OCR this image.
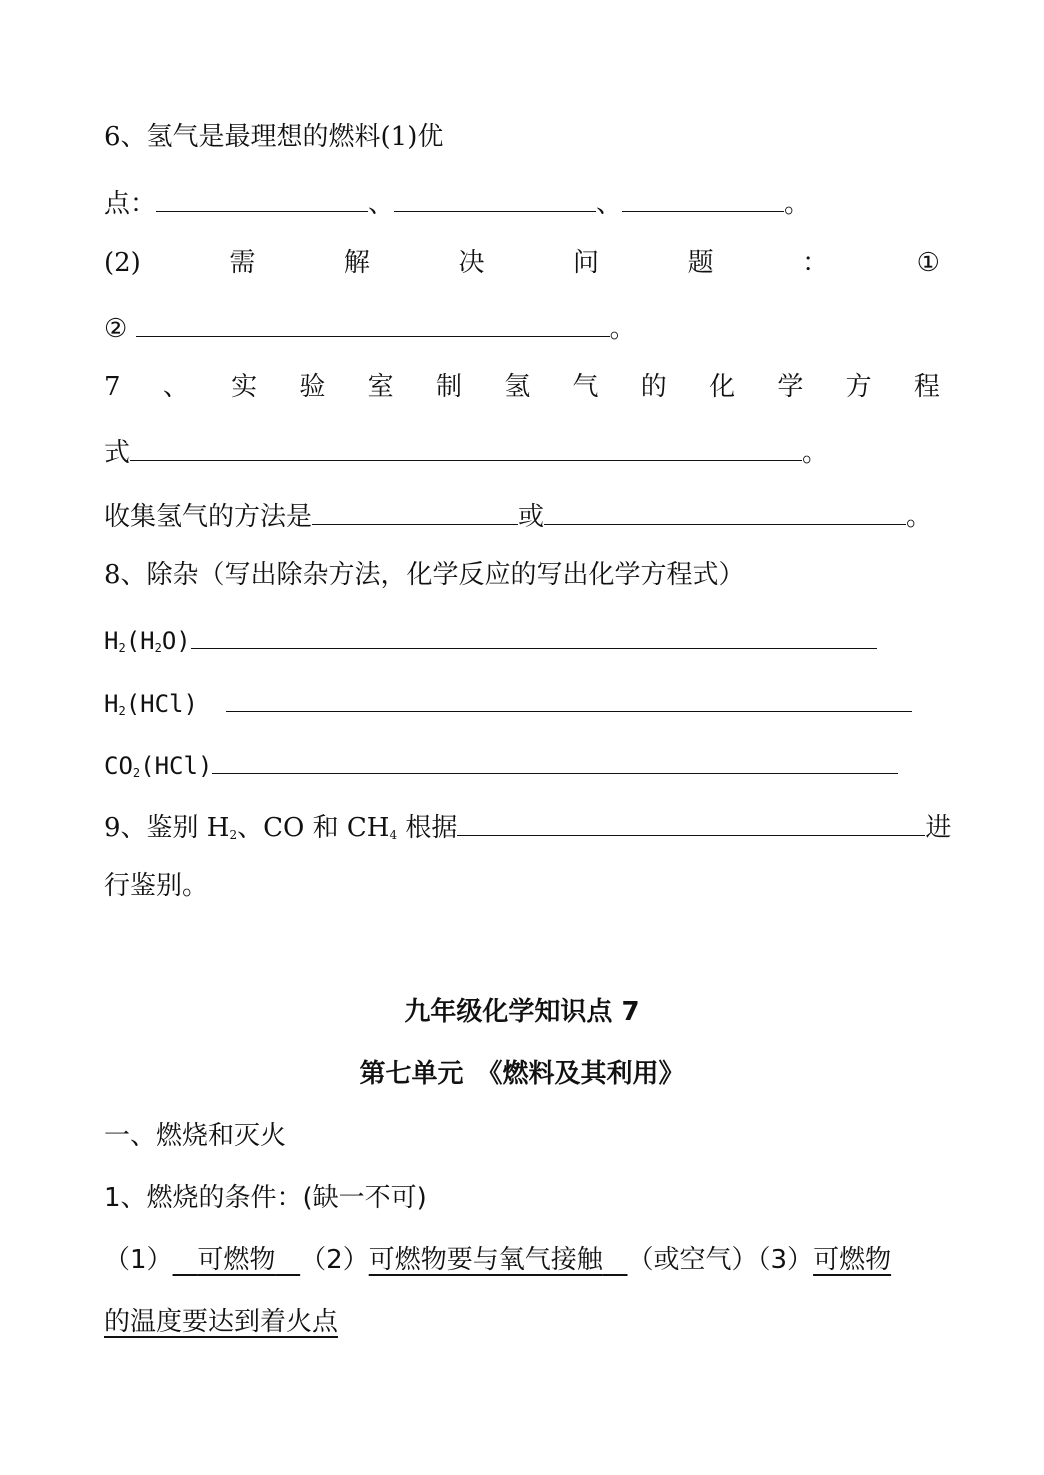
6、氢气是最理想的燃料(1)优
点：	、	、	。
(2)	需	解	决	问	题	：	①
②	。
7 、 实 验 室 制 氢 气 的 化 学 方 程
式	。
收集氢气的方法是	或	。
8、除杂（写出除杂方法，化学反应的写出化学方程式）
$H_2(H_2O)$
$H_2(HCl)$
$CO_2(HCl)$
9、鉴别 $H_2$、CO 和 $CH_4$ 根据	进
行鉴别。
九年级化学知识点 7
第七单元　《燃料及其利用》
一、燃烧和灭火
1、燃烧的条件：(缺一不可)
（1） 可燃物 （2）可燃物要与氧气接触 （或空气）（3）可燃物
的温度要达到着火点
